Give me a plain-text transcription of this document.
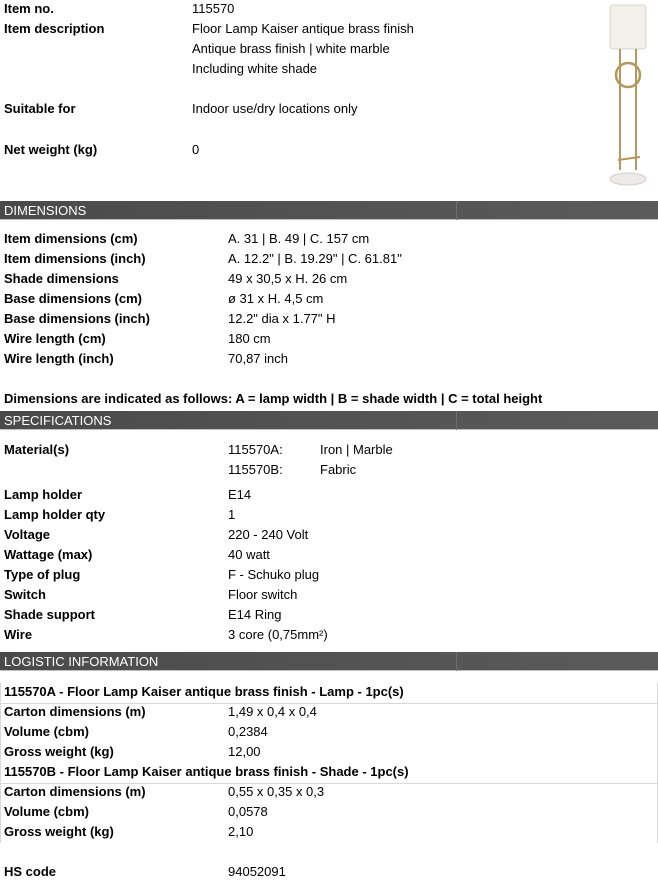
Item no.	115570
Item description	Floor Lamp Kaiser antique brass finish
Antique brass finish | white marble
Including white shade
Suitable for	Indoor use/dry locations only
Net weight (kg)	0
DIMENSIONS
Item dimensions (cm)	A. 31 | B. 49 | C. 157 cm
Item dimensions (inch)	A. 12.2" | B. 19.29" | C. 61.81"
Shade dimensions	49 x 30,5 x H. 26 cm
Base dimensions (cm)	ø 31 x H. 4,5 cm
Base dimensions (inch)	12.2" dia x 1.77" H
Wire length (cm)	180 cm
Wire length (inch)	70,87 inch
Dimensions are indicated as follows: A = lamp width | B = shade width | C = total height
SPECIFICATIONS
Material(s)	115570A:	Iron | Marble
115570B:	Fabric
Lamp holder	E14
Lamp holder qty	1
Voltage	220 - 240 Volt
Wattage (max)	40 watt
Type of plug	F - Schuko plug
Switch	Floor switch
Shade support	E14 Ring
Wire	3 core (0,75mm²)
LOGISTIC INFORMATION
115570A - Floor Lamp Kaiser antique brass finish - Lamp - 1pc(s)
Carton dimensions (m)	1,49 x 0,4 x 0,4
Volume (cbm)	0,2384
Gross weight (kg)	12,00
115570B - Floor Lamp Kaiser antique brass finish - Shade - 1pc(s)
Carton dimensions (m)	0,55 x 0,35 x 0,3
Volume (cbm)	0,0578
Gross weight (kg)	2,10
HS code	94052091
